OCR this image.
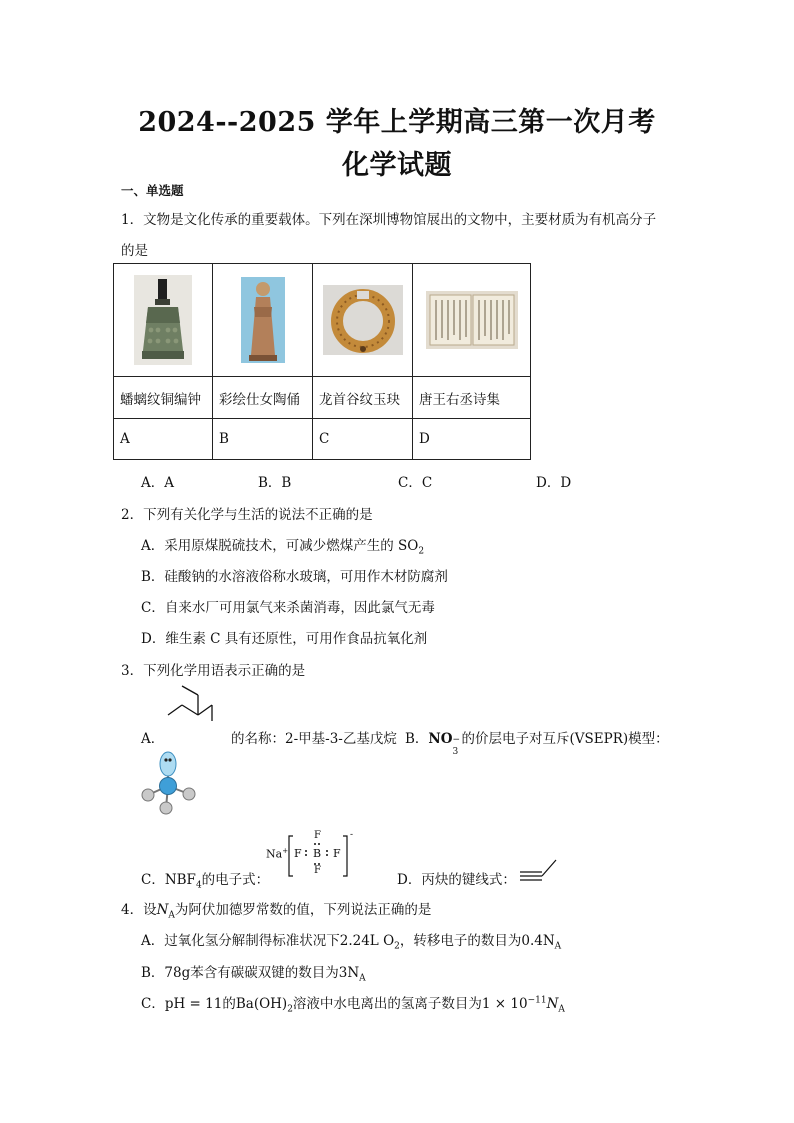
2024--2025 学年上学期高三第一次月考
化学试题
一、单选题
1．文物是文化传承的重要载体。下列在深圳博物馆展出的文物中，主要材质为有机高分子
的是

蟠螭纹铜编钟	彩绘仕女陶俑	龙首谷纹玉玦	唐王右丞诗集
A	B	C	D
A．A	B．B	C．C	D．D
2．下列有关化学与生活的说法不正确的是
A．采用原煤脱硫技术，可减少燃煤产生的 $SO_2$
B．硅酸钠的水溶液俗称水玻璃，可用作木材防腐剂
C．自来水厂可用氯气来杀菌消毒，因此氯气无毒
D．维生素 C 具有还原性，可用作食品抗氧化剂
3．下列化学用语表示正确的是
A．	的名称：2-甲基-3-乙基戊烷 B．NO −
3
的价层电子对互斥(VSEPR)模型：
C．$NBF_4$的电子式：
Na+
F
F B F
F
-
D．丙炔的键线式：
4．设$N_A$为阿伏加德罗常数的值，下列说法正确的是
A．过氧化氢分解制得标准状况下2.24L $O_2$，转移电子的数目为$0.4N_A$
B．78g苯含有碳碳双键的数目为$3N_A$
C．pH = 11的$Ba(OH)_2$溶液中水电离出的氢离子数目为$1 \times 10^{-11}N_A$
